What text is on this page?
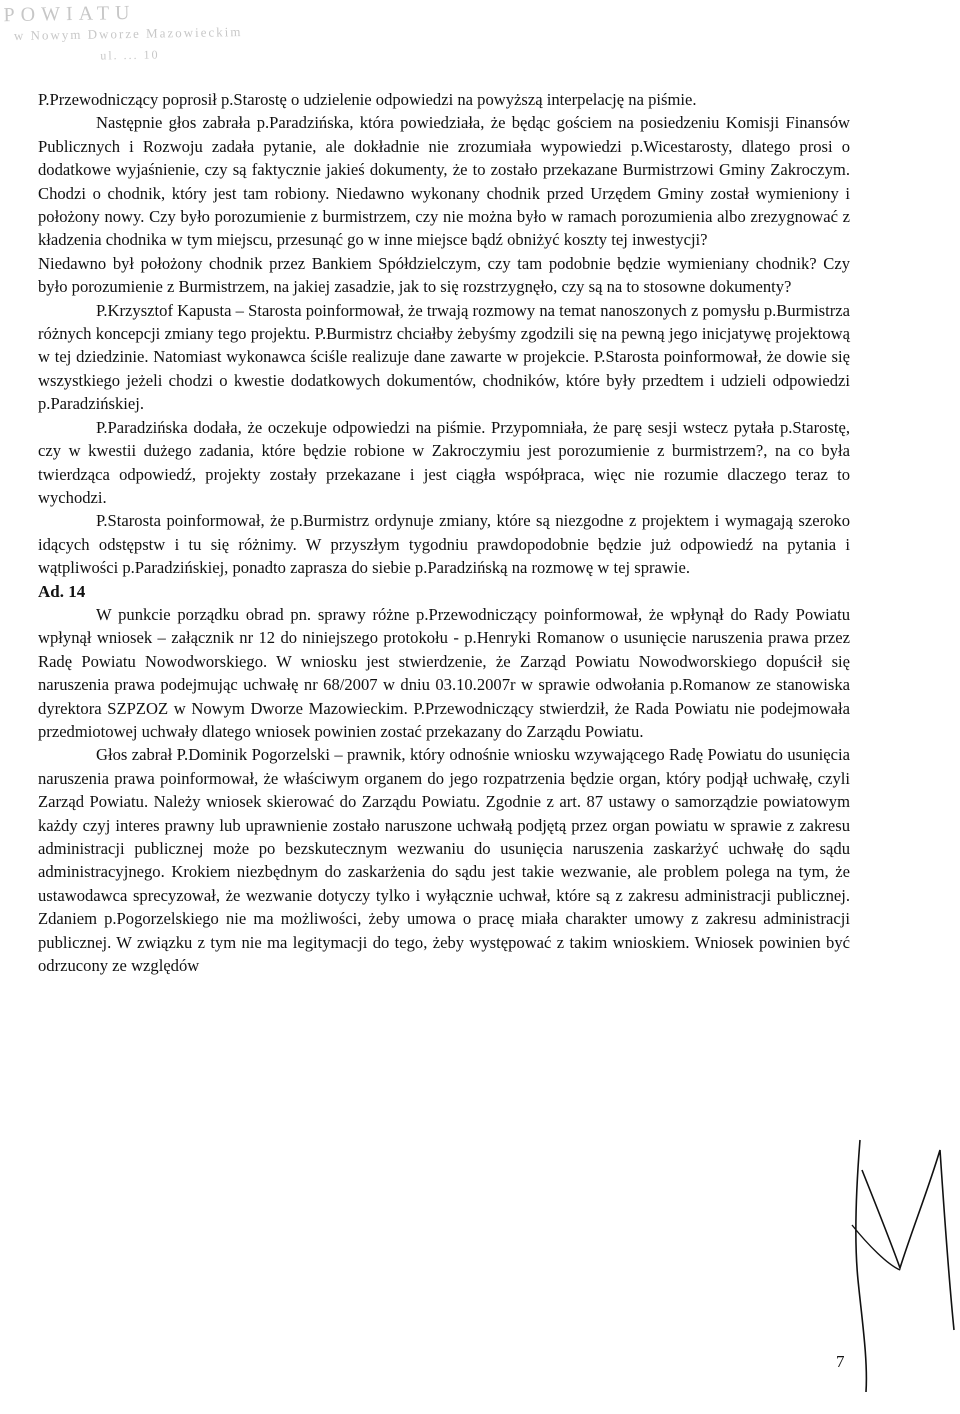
POWIATU
w Nowym Dworze Mazowieckim
ul. ... 10

P.Przewodniczący poprosił p.Starostę o udzielenie odpowiedzi na powyższą interpelację na piśmie.

Następnie głos zabrała p.Paradzińska, która powiedziała, że będąc gościem na posiedzeniu Komisji Finansów Publicznych i Rozwoju zadała pytanie, ale dokładnie nie zrozumiała wypowiedzi p.Wicestarosty, dlatego prosi o dodatkowe wyjaśnienie, czy są faktycznie jakieś dokumenty, że to zostało przekazane Burmistrzowi Gminy Zakroczym. Chodzi o chodnik, który jest tam robiony. Niedawno wykonany chodnik przed Urzędem Gminy został wymieniony i położony nowy. Czy było porozumienie z burmistrzem, czy nie można było w ramach porozumienia albo zrezygnować z kładzenia chodnika w tym miejscu, przesunąć go w inne miejsce bądź obniżyć koszty tej inwestycji?

Niedawno był położony chodnik przez Bankiem Spółdzielczym, czy tam podobnie będzie wymieniany chodnik? Czy było porozumienie z Burmistrzem, na jakiej zasadzie, jak to się rozstrzygnęło, czy są na to stosowne dokumenty?

P.Krzysztof Kapusta – Starosta poinformował, że trwają rozmowy na temat nanoszonych z pomysłu p.Burmistrza różnych koncepcji zmiany tego projektu. P.Burmistrz chciałby żebyśmy zgodzili się na pewną jego inicjatywę projektową w tej dziedzinie. Natomiast wykonawca ściśle realizuje dane zawarte w projekcie. P.Starosta poinformował, że dowie się wszystkiego jeżeli chodzi o kwestie dodatkowych dokumentów, chodników, które były przedtem i udzieli odpowiedzi p.Paradzińskiej.

P.Paradzińska dodała, że oczekuje odpowiedzi na piśmie. Przypomniała, że parę sesji wstecz pytała p.Starostę, czy w kwestii dużego zadania, które będzie robione w Zakroczymiu jest porozumienie z burmistrzem?, na co była twierdząca odpowiedź, projekty zostały przekazane i jest ciągła współpraca, więc nie rozumie dlaczego teraz to wychodzi.

P.Starosta poinformował, że p.Burmistrz ordynuje zmiany, które są niezgodne z projektem i wymagają szeroko idących odstępstw i tu się różnimy. W przyszłym tygodniu prawdopodobnie będzie już odpowiedź na pytania i wątpliwości p.Paradzińskiej, ponadto zaprasza do siebie p.Paradzińską na rozmowę w tej sprawie.

Ad. 14

W punkcie porządku obrad pn. sprawy różne p.Przewodniczący poinformował, że wpłynął do Rady Powiatu wpłynął wniosek – załącznik nr 12 do niniejszego protokołu - p.Henryki Romanow o usunięcie naruszenia prawa przez Radę Powiatu Nowodworskiego. W wniosku jest stwierdzenie, że Zarząd Powiatu Nowodworskiego dopuścił się naruszenia prawa podejmując uchwałę nr 68/2007 w dniu 03.10.2007r w sprawie odwołania p.Romanow ze stanowiska dyrektora SZPZOZ w Nowym Dworze Mazowieckim. P.Przewodniczący stwierdził, że Rada Powiatu nie podejmowała przedmiotowej uchwały dlatego wniosek powinien zostać przekazany do Zarządu Powiatu.

Głos zabrał P.Dominik Pogorzelski – prawnik, który odnośnie wniosku wzywającego Radę Powiatu do usunięcia naruszenia prawa poinformował, że właściwym organem do jego rozpatrzenia będzie organ, który podjął uchwałę, czyli Zarząd Powiatu. Należy wniosek skierować do Zarządu Powiatu. Zgodnie z art. 87 ustawy o samorządzie powiatowym każdy czyj interes prawny lub uprawnienie zostało naruszone uchwałą podjętą przez organ powiatu w sprawie z zakresu administracji publicznej może po bezskutecznym wezwaniu do usunięcia naruszenia zaskarżyć uchwałę do sądu administracyjnego. Krokiem niezbędnym do zaskarżenia do sądu jest takie wezwanie, ale problem polega na tym, że ustawodawca sprecyzował, że wezwanie dotyczy tylko i wyłącznie uchwał, które są z zakresu administracji publicznej. Zdaniem p.Pogorzelskiego nie ma możliwości, żeby umowa o pracę miała charakter umowy z zakresu administracji publicznej. W związku z tym nie ma legitymacji do tego, żeby występować z takim wnioskiem. Wniosek powinien być odrzucony ze względów

7
